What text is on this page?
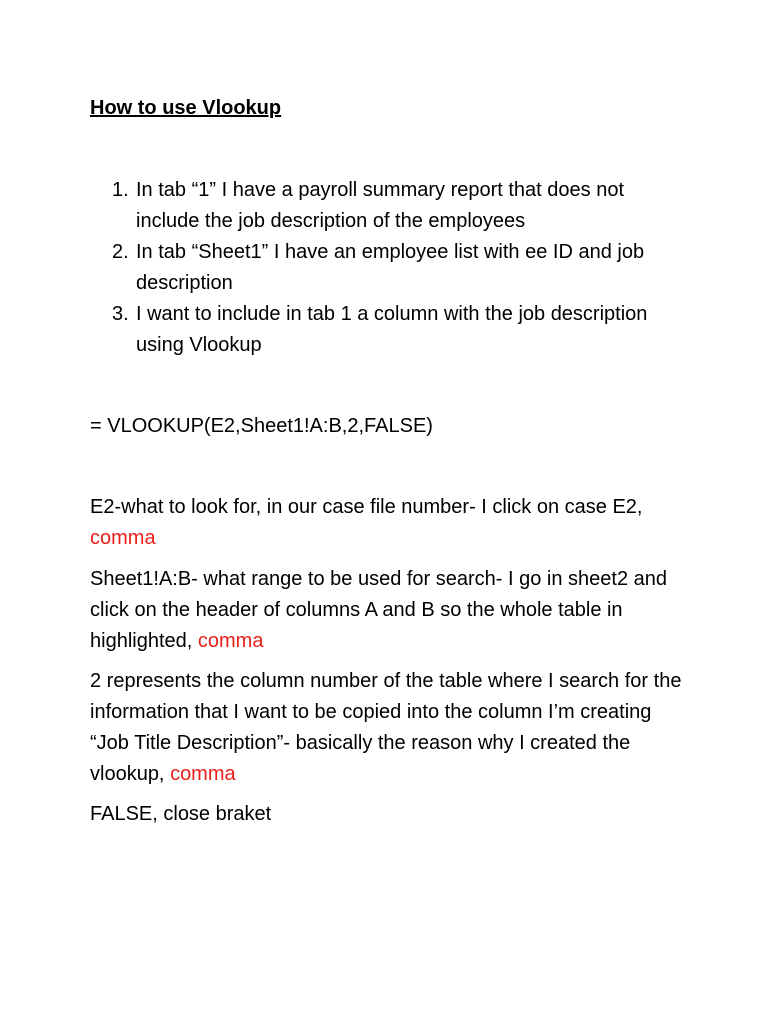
How to use Vlookup
1. In tab “1” I have a payroll summary report that does not include the job description of the employees
2. In tab “Sheet1” I have an employee list with ee ID and job description
3. I want to include in tab 1 a column with the job description using Vlookup

= VLOOKUP(E2,Sheet1!A:B,2,FALSE)

E2-what to look for, in our case file number- I click on case E2, comma

Sheet1!A:B- what range to be used for search- I go in sheet2 and click on the header of columns A and B so the whole table in highlighted, comma

2 represents the column number of the table where I search for the information that I want to be copied into the column I’m creating “Job Title Description”- basically the reason why I created the vlookup, comma

FALSE, close braket
